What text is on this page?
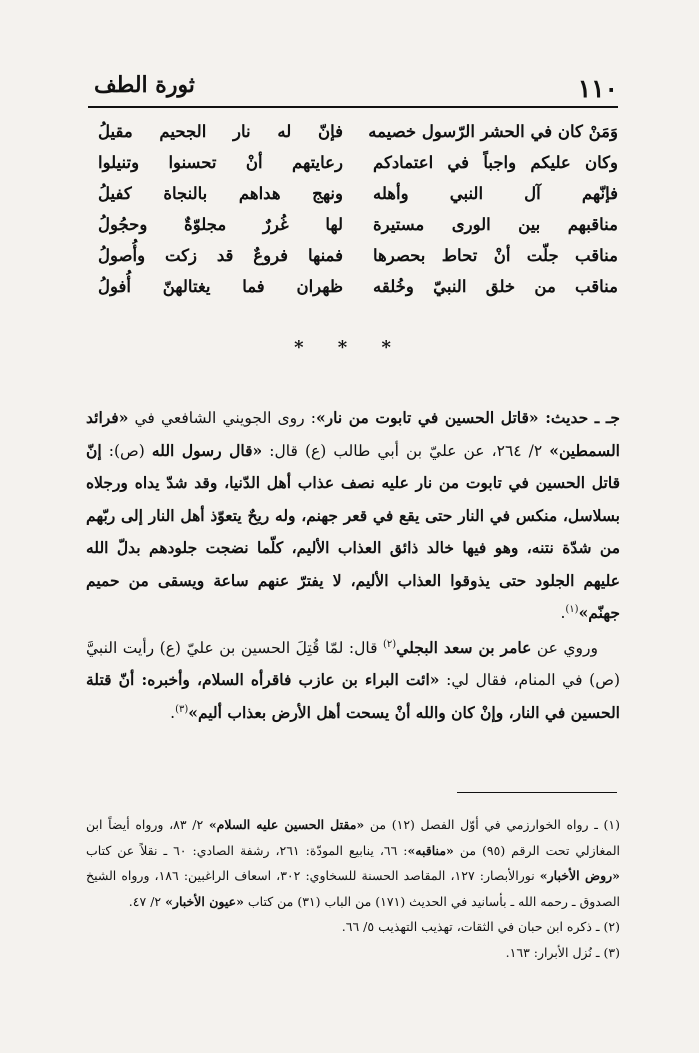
١١٠
ثورة الطف
وَمَنْ كان في الحشر الرّسول خصيمه
فإنّ له نار الجحيم مقيلُ
وكان عليكم واجباً في اعتمادكم
رعايتهم أنْ تحسنوا وتنيلوا
فإنّهم آل النبي وأهله
ونهج هداهم بالنجاة كفيلُ
مناقبهم بين الورى مستيرة
لها غُررٌ مجلوّةٌ وحجُولُ
مناقب جلّت أنْ تحاط بحصرها
فمنها فروعٌ قد زكت وأُصولُ
مناقب من خلق النبيّ وخُلقه
ظهران فما يغتالهنّ أُفولُ
* * *

جـ ـ حديث: «قاتل الحسين في تابوت من نار»: روى الجويني الشافعي في «فرائد السمطين» ٢/ ٢٦٤، عن عليّ بن أبي طالب (ع) قال: «قال رسول الله (ص): إنّ قاتل الحسين في تابوت من نار عليه نصف عذاب أهل الدّنيا، وقد شدّ يداه ورجلاه بسلاسل، منكس في النار حتى يقع في قعر جهنم، وله ريحٌ يتعوّذ أهل النار إلى ربّهم من شدّة نتنه، وهو فيها خالد ذائق العذاب الأليم، كلّما نضجت جلودهم بدلّ الله عليهم الجلود حتى يذوقوا العذاب الأليم، لا يفترّ عنهم ساعة ويسقى من حميم جهنّم»$^{(١)}$.

وروي عن عامر بن سعد البجلي$^{(٢)}$ قال: لمّا قُتِلَ الحسين بن عليّ (ع) رأيت النبيَّ (ص) في المنام، فقال لي: «ائت البراء بن عازب فاقرأه السلام، وأخبره: أنّ قتلة الحسين في النار، وإنْ كان والله أنْ يسحت أهل الأرض بعذاب أليم»$^{(٣)}$.

(١) ـ رواه الخوارزمي في أوّل الفصل (١٢) من «مقتل الحسين عليه السلام» ٢/ ٨٣، ورواه أيضاً ابن المغازلي تحت الرقم (٩٥) من «مناقبه»: ٦٦، ينابيع المودّة: ٢٦١، رشفة الصادي: ٦٠ ـ نقلاً عن كتاب «روض الأخبار» نورالأبصار: ١٢٧، المقاصد الحسنة للسخاوي: ٣٠٢، اسعاف الراغبين: ١٨٦، ورواه الشيخ الصدوق ـ رحمه الله ـ بأسانيد في الحديث (١٧١) من الباب (٣١) من كتاب «عيون الأخبار» ٢/ ٤٧.

(٢) ـ ذكره ابن حبان في الثقات، تهذيب التهذيب ٥/ ٦٦.

(٣) ـ نُزل الأبرار: ١٦٣.
